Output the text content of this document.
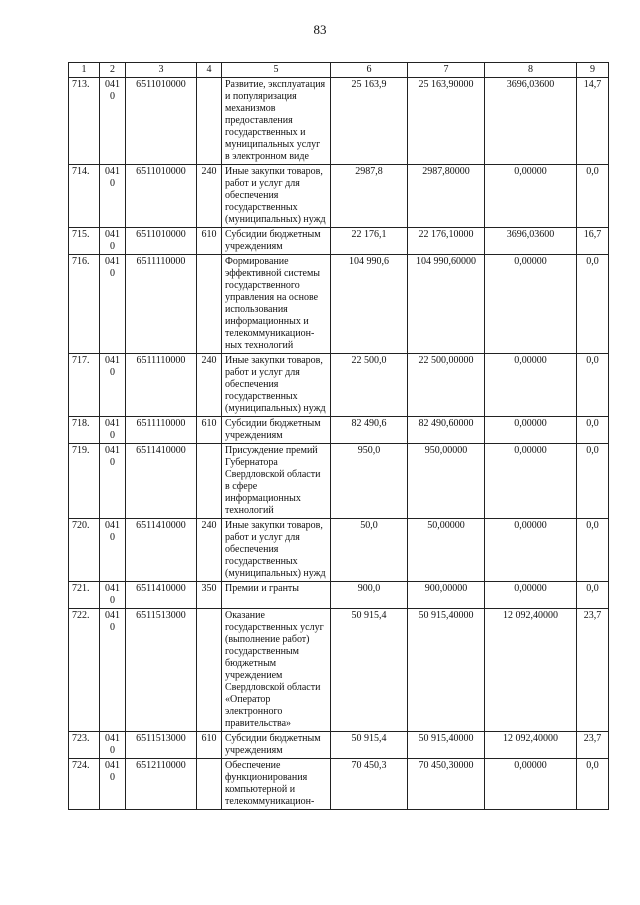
83
1	2	3	4	5	6	7	8	9
713.	0410	6511010000		Развитие, эксплуатация и популяризация механизмов предоставления государственных и муниципальных услуг в электронном виде	25 163,9	25 163,90000	3696,03600	14,7
714.	0410	6511010000	240	Иные закупки товаров, работ и услуг для обеспечения государственных (муниципальных) нужд	2987,8	2987,80000	0,00000	0,0
715.	0410	6511010000	610	Субсидии бюджетным учреждениям	22 176,1	22 176,10000	3696,03600	16,7
716.	0410	6511110000		Формирование эффективной системы государственного управления на основе использования информационных и телекоммуникацион-ных технологий	104 990,6	104 990,60000	0,00000	0,0
717.	0410	6511110000	240	Иные закупки товаров, работ и услуг для обеспечения государственных (муниципальных) нужд	22 500,0	22 500,00000	0,00000	0,0
718.	0410	6511110000	610	Субсидии бюджетным учреждениям	82 490,6	82 490,60000	0,00000	0,0
719.	0410	6511410000		Присуждение премий Губернатора Свердловской области в сфере информационных технологий	950,0	950,00000	0,00000	0,0
720.	0410	6511410000	240	Иные закупки товаров, работ и услуг для обеспечения государственных (муниципальных) нужд	50,0	50,00000	0,00000	0,0
721.	0410	6511410000	350	Премии и гранты	900,0	900,00000	0,00000	0,0
722.	0410	6511513000		Оказание государственных услуг (выполнение работ) государственным бюджетным учреждением Свердловской области «Оператор электронного правительства»	50 915,4	50 915,40000	12 092,40000	23,7
723.	0410	6511513000	610	Субсидии бюджетным учреждениям	50 915,4	50 915,40000	12 092,40000	23,7
724.	0410	6512110000		Обеспечение функционирования компьютерной и телекоммуникацион-	70 450,3	70 450,30000	0,00000	0,0
